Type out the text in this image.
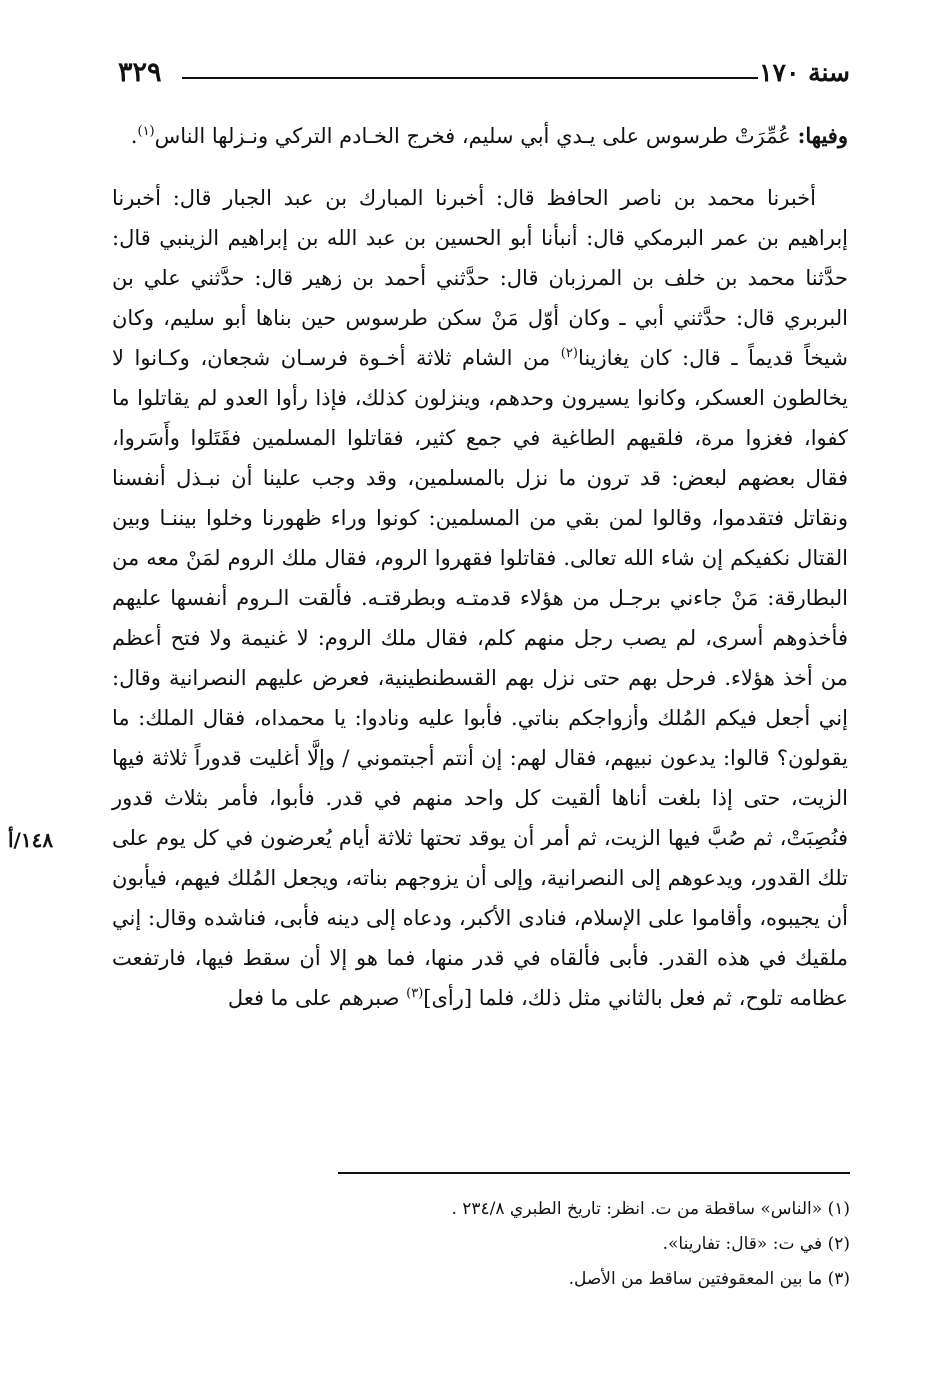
سنة ١٧٠
٣٢٩

وفيها: عُمِّرَتْ طرسوس على يـدي أبي سليم، فخرج الخـادم التركي ونـزلها الناس$^{(١)}$.

أخبرنا محمد بن ناصر الحافظ قال: أخبرنا المبارك بن عبد الجبار قال: أخبرنا إبراهيم بن عمر البرمكي قال: أنبأنا أبو الحسين بن عبد الله بن إبراهيم الزينبي قال: حدَّثنا محمد بن خلف بن المرزبان قال: حدَّثني أحمد بن زهير قال: حدَّثني علي بن البربري قال: حدَّثني أبي ـ وكان أوّل مَنْ سكن طرسوس حين بناها أبو سليم، وكان شيخاً قديماً ـ قال: كان يغازينا$^{(٢)}$ من الشام ثلاثة أخـوة فرسـان شجعان، وكـانوا لا يخالطون العسكر، وكانوا يسيرون وحدهم، وينزلون كذلك، فإذا رأوا العدو لم يقاتلوا ما كفوا، فغزوا مرة، فلقيهم الطاغية في جمع كثير، فقاتلوا المسلمين فقَتَلوا وأَسَروا، فقال بعضهم لبعض: قد ترون ما نزل بالمسلمين، وقد وجب علينا أن نبـذل أنفسنا ونقاتل فتقدموا، وقالوا لمن بقي من المسلمين: كونوا وراء ظهورنا وخلوا بيننـا وبين القتال نكفيكم إن شاء الله تعالى. فقاتلوا فقهروا الروم، فقال ملك الروم لمَنْ معه من البطارقة: مَنْ جاءني برجـل من هؤلاء قدمتـه وبطرقتـه. فألقت الـروم أنفسها عليهم فأخذوهم أسرى، لم يصب رجل منهم كلم، فقال ملك الروم: لا غنيمة ولا فتح أعظم من أخذ هؤلاء. فرحل بهم حتى نزل بهم القسطنطينية، فعرض عليهم النصرانية وقال: إني أجعل فيكم المُلك وأزواجكم بناتي. فأبوا عليه ونادوا: يا محمداه، فقال الملك: ما يقولون؟ قالوا: يدعون نبيهم، فقال لهم: إن أنتم أجبتموني / وإلَّا أغليت قدوراً ثلاثة فيها الزيت، حتى إذا بلغت أناها ألقيت كل واحد منهم في قدر. فأبوا، فأمر بثلاث قدور فنُصِبَتْ، ثم صُبَّ فيها الزيت، ثم أمر أن يوقد تحتها ثلاثة أيام يُعرضون في كل يوم على تلك القدور، ويدعوهم إلى النصرانية، وإلى أن يزوجهم بناته، ويجعل المُلك فيهم، فيأبون أن يجيبوه، وأقاموا على الإسلام، فنادى الأكبر، ودعاه إلى دينه فأبى، فناشده وقال: إني ملقيك في هذه القدر. فأبى فألقاه في قدر منها، فما هو إلا أن سقط فيها، فارتفعت عظامه تلوح، ثم فعل بالثاني مثل ذلك، فلما [رأى]$^{(٣)}$ صبرهم على ما فعل

١٤٨/أ

(١) «الناس» ساقطة من ت. انظر: تاريخ الطبري ٢٣٤/٨ .

(٢) في ت: «قال: تفارينا».

(٣) ما بين المعقوفتين ساقط من الأصل.
